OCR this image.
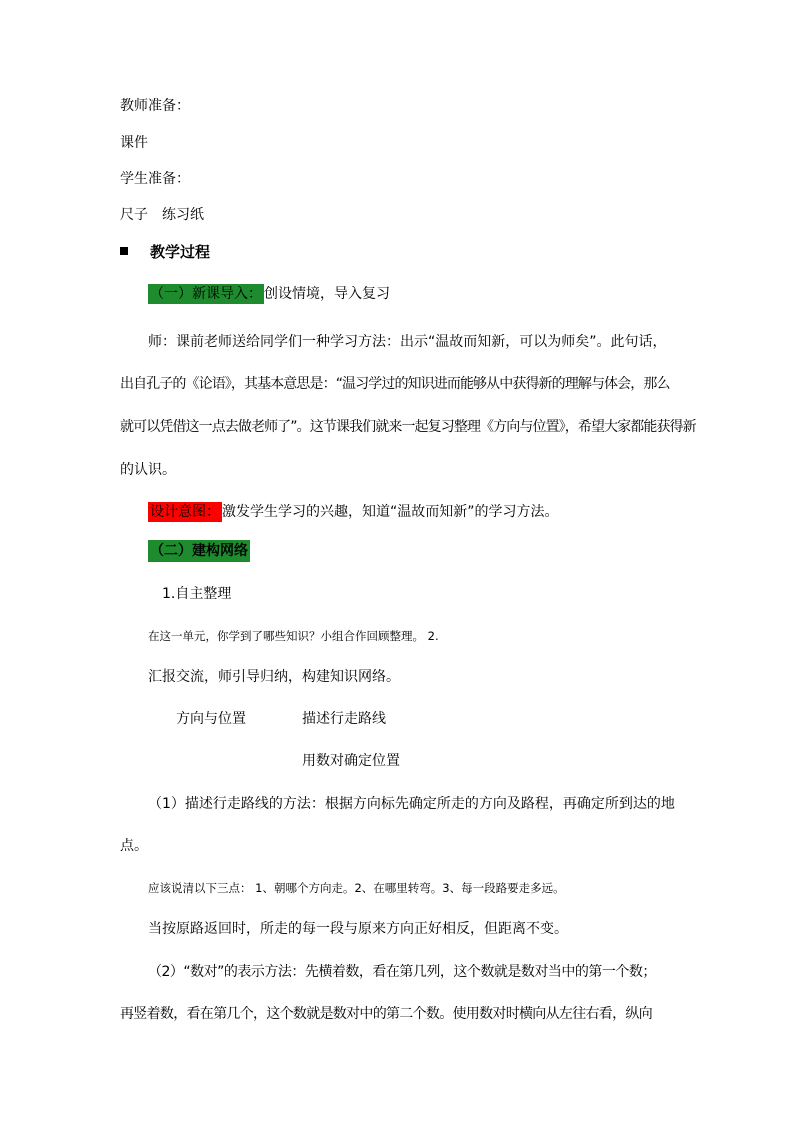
教师准备：
课件
学生准备：
尺子　练习纸
教学过程
（一）新课导入： 创设情境，导入复习
师：课前老师送给同学们一种学习方法：出示“温故而知新，可以为师矣”。此句话，
出自孔子的《论语》，其基本意思是：“温习学过的知识进而能够从中获得新的理解与体会，那么
就可以凭借这一点去做老师了”。这节课我们就来一起复习整理《方向与位置》，希望大家都能获得新
的认识。
设计意图： 激发学生学习的兴趣，知道“温故而知新”的学习方法。
（二）建构网络
1.自主整理
在这一单元，你学到了哪些知识？小组合作回顾整理。 2.
汇报交流，师引导归纳，构建知识网络。
方向与位置	描述行走路线
用数对确定位置
（1）描述行走路线的方法：根据方向标先确定所走的方向及路程，再确定所到达的地
点。
应该说清以下三点： 1、朝哪个方向走。2、在哪里转弯。3、每一段路要走多远。
当按原路返回时，所走的每一段与原来方向正好相反，但距离不变。
（2）“数对”的表示方法：先横着数，看在第几列，这个数就是数对当中的第一个数；
再竖着数，看在第几个，这个数就是数对中的第二个数。使用数对时横向从左往右看，纵向
